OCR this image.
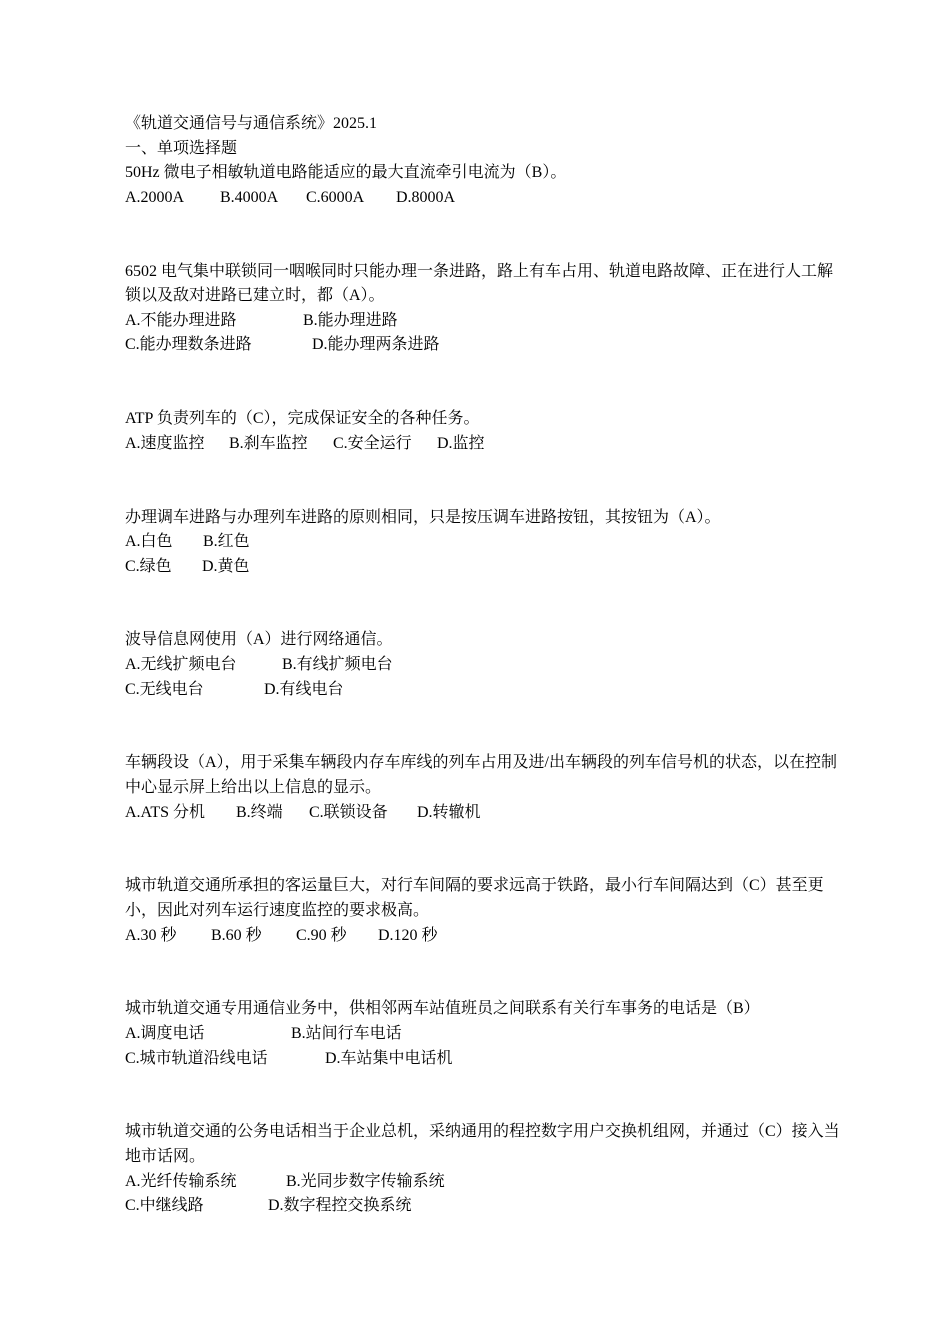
《轨道交通信号与通信系统》2025.1
一、单项选择题
50Hz 微电子相敏轨道电路能适应的最大直流牵引电流为（B）。
A.2000A	B.4000A	C.6000A	D.8000A
6502 电气集中联锁同一咽喉同时只能办理一条进路，路上有车占用、轨道电路故障、正在进行人工解锁以及敌对进路已建立时，都（A）。
A.不能办理进路	B.能办理进路
C.能办理数条进路	D.能办理两条进路
ATP 负责列车的（C），完成保证安全的各种任务。
A.速度监控	B.刹车监控	C.安全运行	D.监控
办理调车进路与办理列车进路的原则相同，只是按压调车进路按钮，其按钮为（A）。
A.白色	B.红色
C.绿色	D.黄色
波导信息网使用（A）进行网络通信。
A.无线扩频电台	B.有线扩频电台
C.无线电台	D.有线电台
车辆段设（A），用于采集车辆段内存车库线的列车占用及进/出车辆段的列车信号机的状态，以在控制中心显示屏上给出以上信息的显示。
A.ATS 分机	B.终端	C.联锁设备	D.转辙机
城市轨道交通所承担的客运量巨大，对行车间隔的要求远高于铁路，最小行车间隔达到（C）甚至更小，因此对列车运行速度监控的要求极高。
A.30 秒	B.60 秒	C.90 秒	D.120 秒
城市轨道交通专用通信业务中，供相邻两车站值班员之间联系有关行车事务的电话是（B）
A.调度电话	B.站间行车电话
C.城市轨道沿线电话	D.车站集中电话机
城市轨道交通的公务电话相当于企业总机，采纳通用的程控数字用户交换机组网，并通过（C）接入当地市话网。
A.光纤传输系统	B.光同步数字传输系统
C.中继线路	D.数字程控交换系统
